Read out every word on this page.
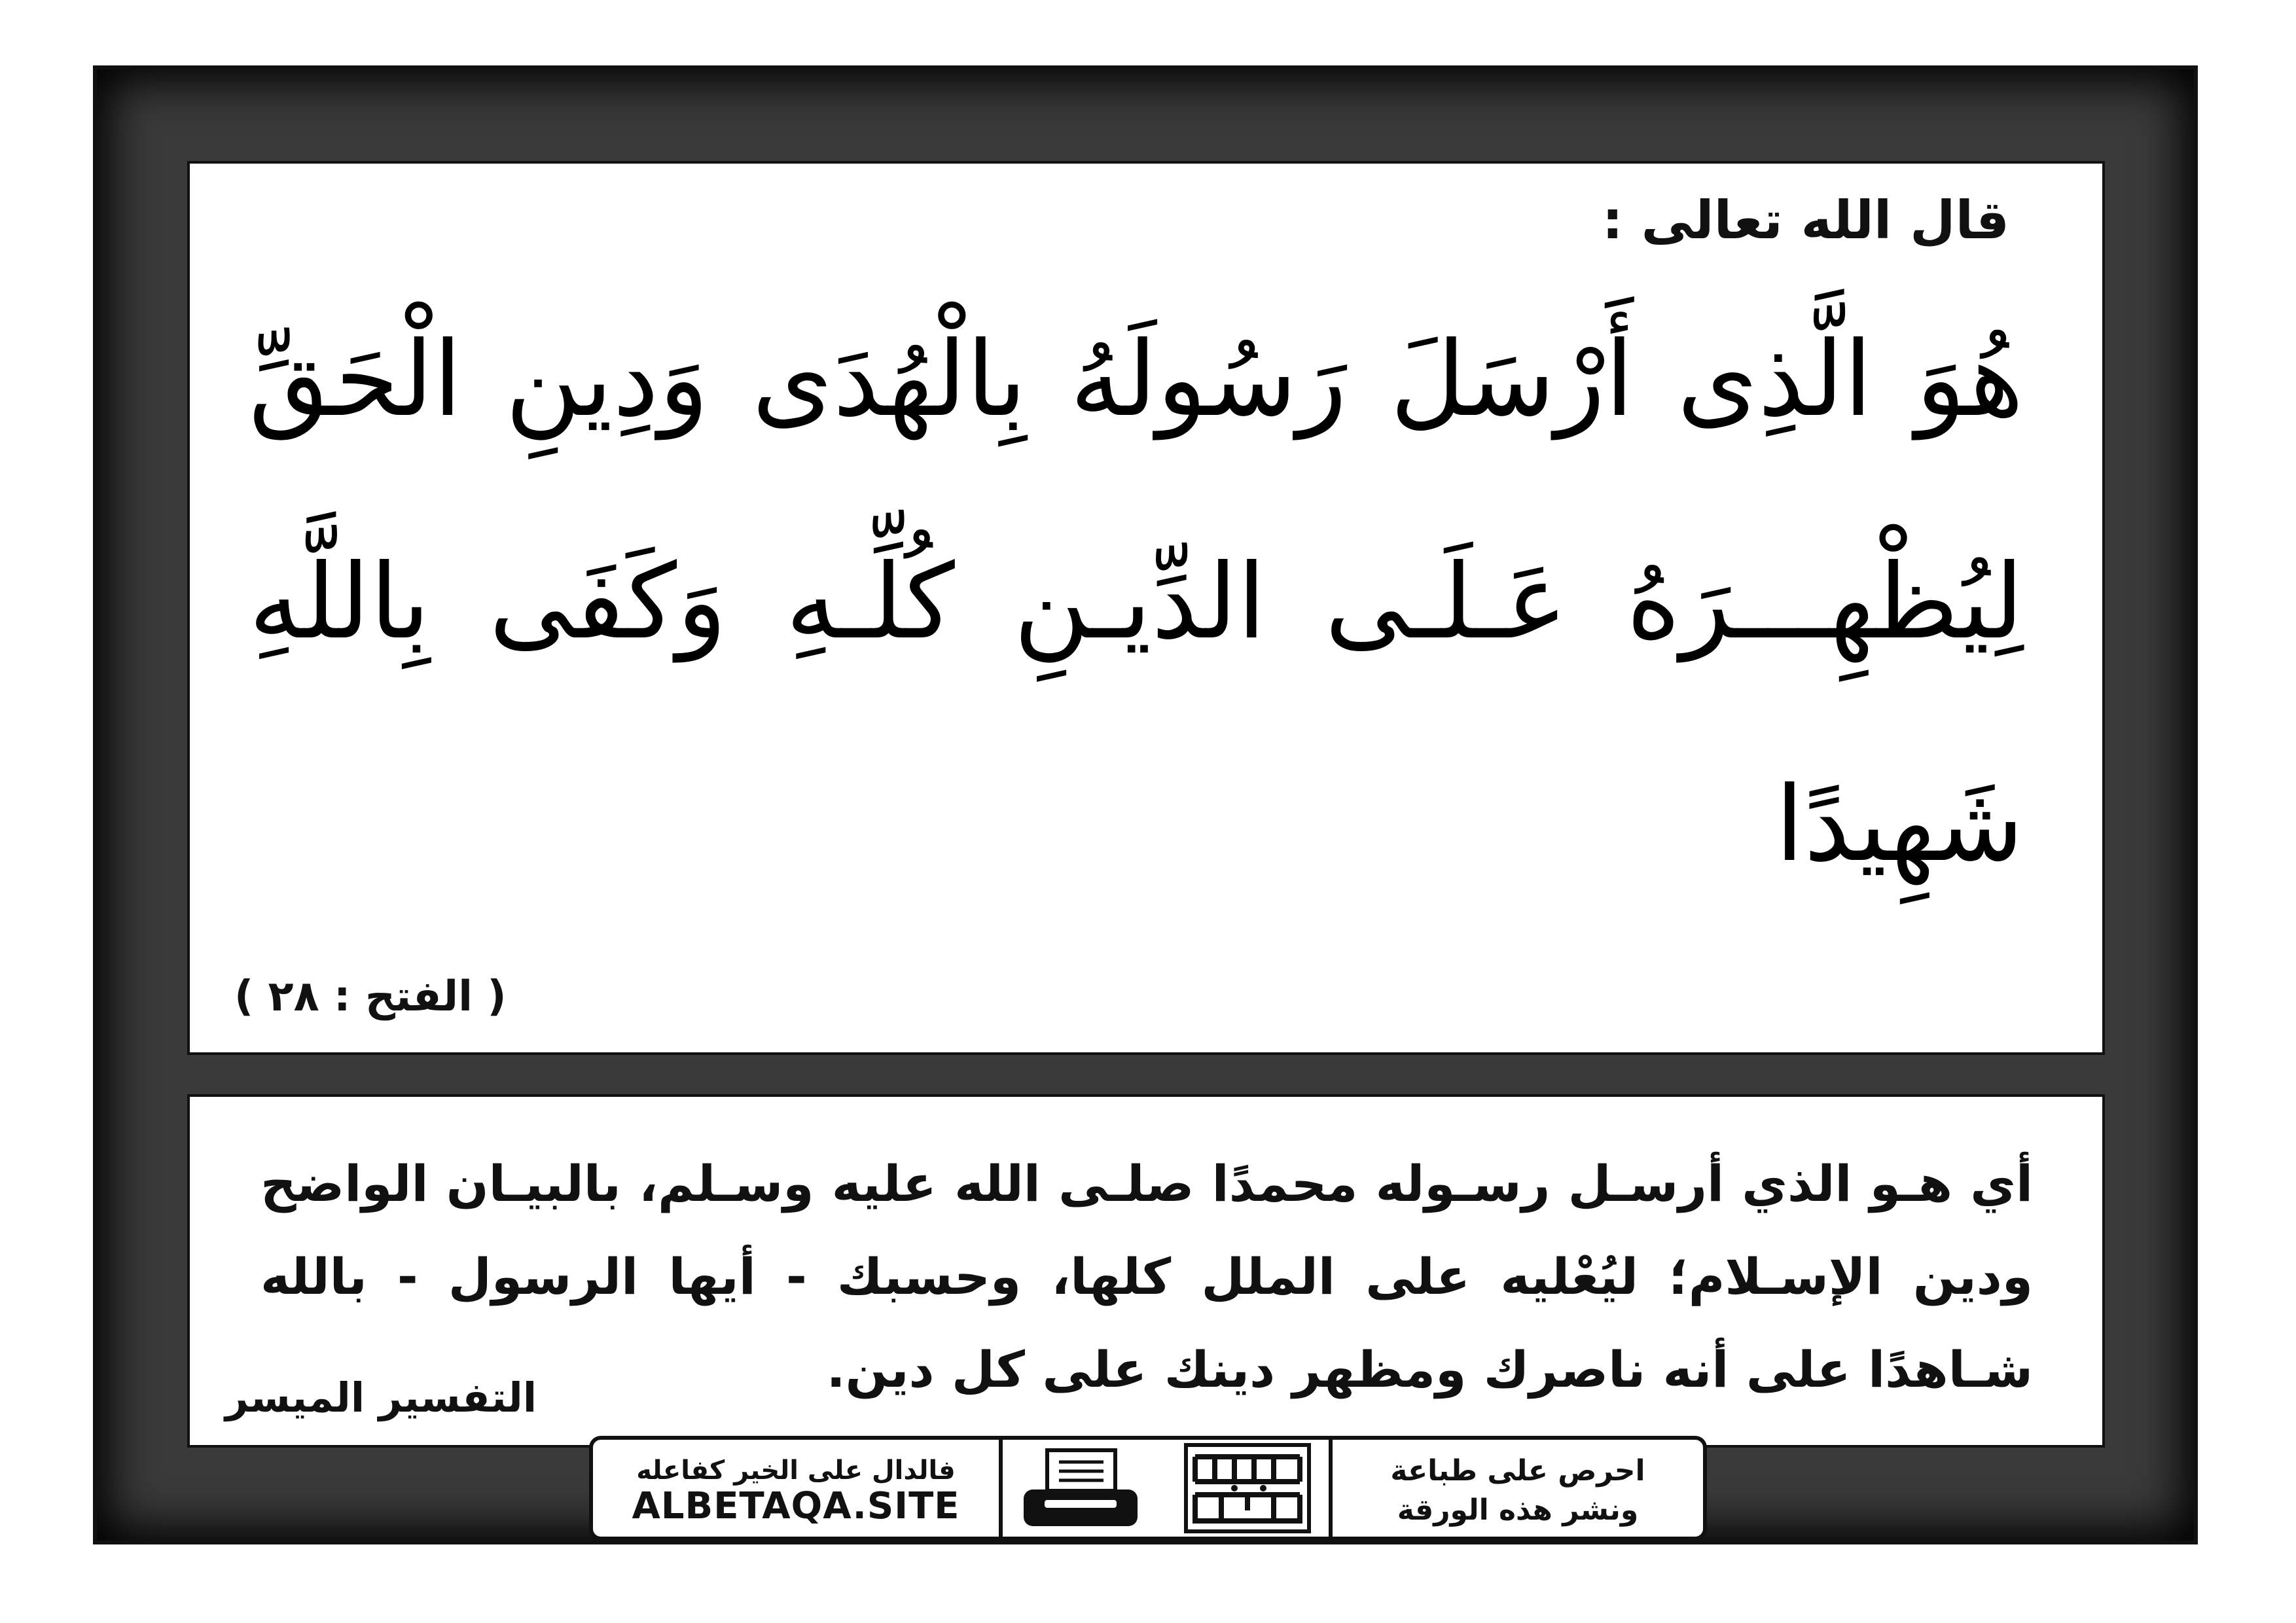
قال الله تعالى :
هُوَ الَّذِى أَرْسَلَ رَسُولَهُ بِالْهُدَى وَدِينِ الْحَقِّ لِيُظْهِـــرَهُ عَـلَـى الدِّيـنِ كُلِّـهِ وَكَفَى بِاللَّهِ شَهِيدًا
( الفتح : ٢٨ )
أي هـو الذي أرسـل رسـوله محمدًا صلـى الله عليه وسـلم، بالبيـان الواضح ودين الإسـلام؛ ليُعْليه على الملل كلها، وحسبك - أيها الرسول - بالله شـاهدًا على أنه ناصرك ومظهر دينك على كل دين.
التفسير الميسر
فالدال على الخير كفاعله
ALBETAQA.SITE
احرص على طباعة
ونشر هذه الورقة
